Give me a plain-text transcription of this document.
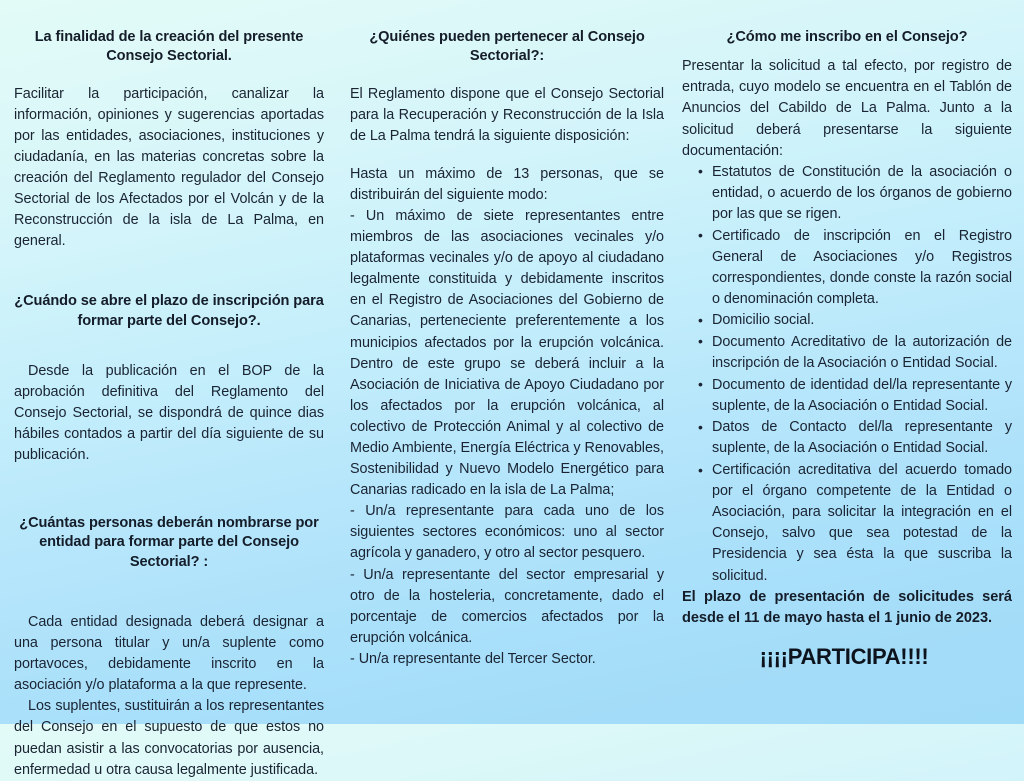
La finalidad de la creación del presente Consejo Sectorial.

Facilitar la participación, canalizar la información, opiniones y sugerencias aportadas por las entidades, asociaciones, instituciones y ciudadanía, en las materias concretas sobre la creación del Reglamento regulador del Consejo Sectorial de los Afectados por el Volcán y de la Reconstrucción de la isla de La Palma, en general.

¿Cuándo se abre el plazo de inscripción para formar parte del Consejo?.

Desde la publicación en el BOP de la aprobación definitiva del Reglamento del Consejo Sectorial, se dispondrá de quince dias hábiles contados a partir del día siguiente de su publicación.

¿Cuántas personas deberán nombrarse por entidad para formar parte del Consejo Sectorial? :

Cada entidad designada deberá designar a una persona titular y un/a suplente como portavoces, debidamente inscrito en la asociación y/o plataforma a la que represente.

Los suplentes, sustituirán a los representantes del Consejo en el supuesto de que estos no puedan asistir a las convocatorias por ausencia, enfermedad u otra causa legalmente justificada.

¿Quiénes pueden pertenecer al Consejo Sectorial?:

El Reglamento dispone que el Consejo Sectorial para la Recuperación y Reconstrucción de la Isla de La Palma tendrá la siguiente disposición:

Hasta un máximo de 13 personas, que se distribuirán del siguiente modo:

- Un máximo de siete representantes entre miembros de las asociaciones vecinales y/o plataformas vecinales y/o de apoyo al ciudadano legalmente constituida y debidamente inscritos en el Registro de Asociaciones del Gobierno de Canarias, perteneciente preferentemente a los municipios afectados por la erupción volcánica. Dentro de este grupo se deberá incluir a la Asociación de Iniciativa de Apoyo Ciudadano por los afectados por la erupción volcánica, al colectivo de Protección Animal y al colectivo de Medio Ambiente, Energía Eléctrica y Renovables, Sostenibilidad y Nuevo Modelo Energético para Canarias radicado en la isla de La Palma;

- Un/a representante para cada uno de los siguientes sectores económicos: uno al sector agrícola y ganadero, y otro al sector pesquero.

- Un/a representante del sector empresarial y otro de la hosteleria, concretamente, dado el porcentaje de comercios afectados por la erupción volcánica.

- Un/a representante del Tercer Sector.

¿Cómo me inscribo en el Consejo?

Presentar la solicitud a tal efecto, por registro de entrada, cuyo modelo se encuentra en el Tablón de Anuncios del Cabildo de La Palma. Junto a la solicitud deberá presentarse la siguiente documentación:

• Estatutos de Constitución de la asociación o entidad, o acuerdo de los órganos de gobierno por las que se rigen.
• Certificado de inscripción en el Registro General de Asociaciones y/o Registros correspondientes, donde conste la razón social o denominación completa.
• Domicilio social.
• Documento Acreditativo de la autorización de inscripción de la Asociación o Entidad Social.
• Documento de identidad del/la representante y suplente, de la Asociación o Entidad Social.
• Datos de Contacto del/la representante y suplente, de la Asociación o Entidad Social.
• Certificación acreditativa del acuerdo tomado por el órgano competente de la Entidad o Asociación, para solicitar la integración en el Consejo, salvo que sea potestad de la Presidencia y sea ésta la que suscriba la solicitud.

El plazo de presentación de solicitudes será desde el 11 de mayo hasta el 1 junio de 2023.

¡¡¡¡PARTICIPA!!!!
